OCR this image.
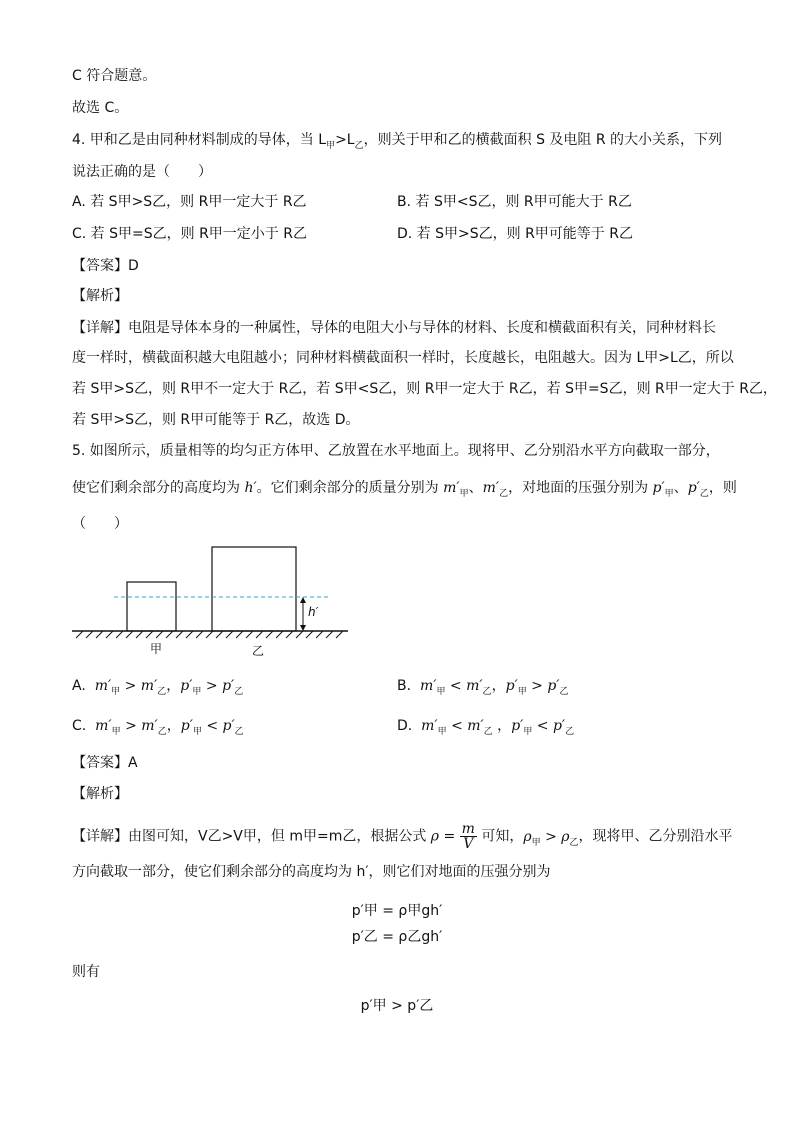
C 符合题意。
故选 C。
4. 甲和乙是由同种材料制成的导体，当 $L_甲>L_乙$，则关于甲和乙的横截面积 S 及电阻 R 的大小关系，下列
说法正确的是（　　）
A. 若 S甲>S乙，则 R甲一定大于 R乙	B. 若 S甲<S乙，则 R甲可能大于 R乙
C. 若 S甲=S乙，则 R甲一定小于 R乙	D. 若 S甲>S乙，则 R甲可能等于 R乙
【答案】D
【解析】
【详解】电阻是导体本身的一种属性，导体的电阻大小与导体的材料、长度和横截面积有关，同种材料长
度一样时，横截面积越大电阻越小；同种材料横截面积一样时，长度越长，电阻越大。因为 L甲>L乙，所以
若 S甲>S乙，则 R甲不一定大于 R乙，若 S甲<S乙，则 R甲一定大于 R乙，若 S甲=S乙，则 R甲一定大于 R乙，
若 S甲>S乙，则 R甲可能等于 R乙，故选 D。
5. 如图所示，质量相等的均匀正方体甲、乙放置在水平地面上。现将甲、乙分别沿水平方向截取一部分，
使它们剩余部分的高度均为 h′。它们剩余部分的质量分别为 $m'_甲$、$m'_乙$，对地面的压强分别为 $p'_甲$、$p'_乙$，则
（　　）
h′
甲	乙
A.  $m'_甲 > m'_乙$，$p'_甲 > p'_乙$	B.  $m'_甲 < m'_乙$，$p'_甲 > p'_乙$
C.  $m'_甲 > m'_乙$，$p'_甲 < p'_乙$	D.  $m'_甲 < m'_乙$ ，$p'_甲 < p'_乙$
【答案】A
【解析】
【详解】由图可知，V乙>V甲，但 m甲=m乙，根据公式 $\rho = \frac{m}{V}$ 可知，$\rho_甲 > \rho_乙$，现将甲、乙分别沿水平
方向截取一部分，使它们剩余部分的高度均为 h′，则它们对地面的压强分别为
p′甲 = ρ甲gh′
p′乙 = ρ乙gh′
则有
p′甲 > p′乙
